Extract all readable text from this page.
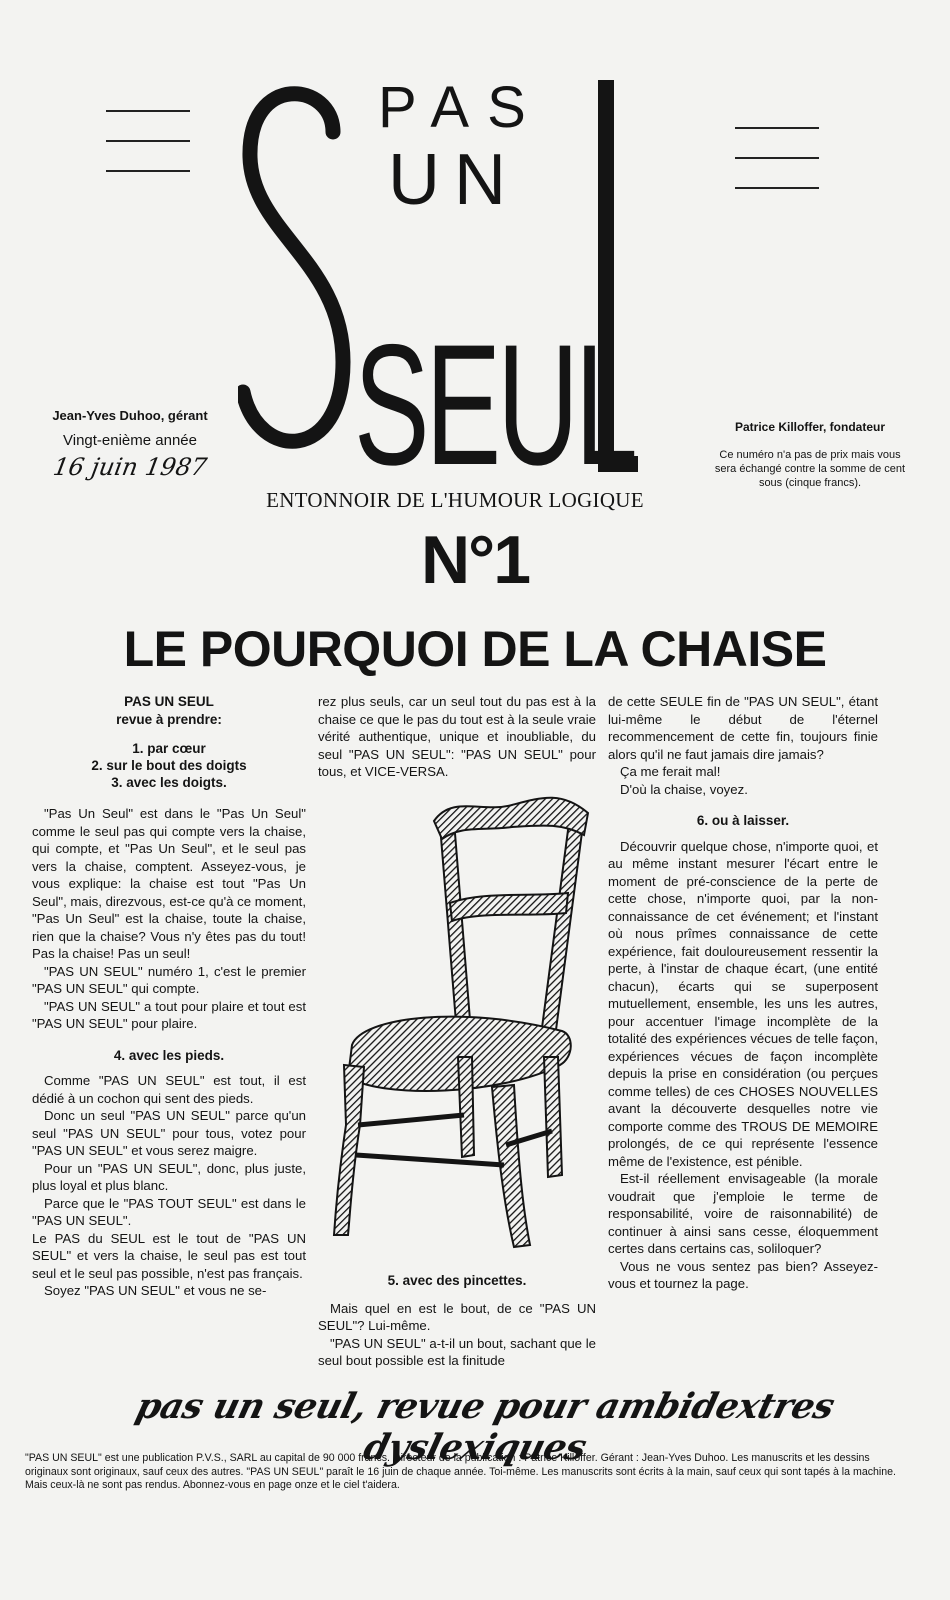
PAS
UN
SEUL
Jean-Yves Duhoo, gérant
Vingt-enième année
16 juin 1987
Patrice Killoffer, fondateur
Ce numéro n'a pas de prix mais vous sera échangé contre la somme de cent sous (cinque francs).
ENTONNOIR DE L'HUMOUR LOGIQUE
N°1
LE POURQUOI DE LA CHAISE
PAS UN SEUL
revue à prendre:
1. par cœur
2. sur le bout des doigts
3. avec les doigts.

"Pas Un Seul" est dans le "Pas Un Seul" comme le seul pas qui compte vers la chaise, qui compte, et "Pas Un Seul", et le seul pas vers la chaise, comptent. Asseyez-vous, je vous explique: la chaise est tout "Pas Un Seul", mais, direzvous, est-ce qu'à ce moment, "Pas Un Seul" est la chaise, toute la chaise, rien que la chaise? Vous n'y êtes pas du tout! Pas la chaise! Pas un seul!

"PAS UN SEUL" numéro 1, c'est le premier "PAS UN SEUL" qui compte.

"PAS UN SEUL" a tout pour plaire et tout est "PAS UN SEUL" pour plaire.

4. avec les pieds.

Comme "PAS UN SEUL" est tout, il est dédié à un cochon qui sent des pieds.

Donc un seul "PAS UN SEUL" parce qu'un seul "PAS UN SEUL" pour tous, votez pour "PAS UN SEUL" et vous serez maigre.

Pour un "PAS UN SEUL", donc, plus juste, plus loyal et plus blanc.

Parce que le "PAS TOUT SEUL" est dans le "PAS UN SEUL".

Le PAS du SEUL est le tout de "PAS UN SEUL" et vers la chaise, le seul pas est tout seul et le seul pas possible, n'est pas français.

Soyez "PAS UN SEUL" et vous ne se-

rez plus seuls, car un seul tout du pas est à la chaise ce que le pas du tout est à la seule vraie vérité authentique, unique et inoubliable, du seul "PAS UN SEUL": "PAS UN SEUL" pour tous, et VICE-VERSA.

5. avec des pincettes.

Mais quel en est le bout, de ce "PAS UN SEUL"? Lui-même.

"PAS UN SEUL" a-t-il un bout, sachant que le seul bout possible est la finitude

de cette SEULE fin de "PAS UN SEUL", étant lui-même le début de l'éternel recommencement de cette fin, toujours finie alors qu'il ne faut jamais dire jamais?

Ça me ferait mal!

D'où la chaise, voyez.

6. ou à laisser.

Découvrir quelque chose, n'importe quoi, et au même instant mesurer l'écart entre le moment de pré-conscience de la perte de cette chose, n'importe quoi, par la non-connaissance de cet événement; et l'instant où nous prîmes connaissance de cette expérience, fait douloureusement ressentir la perte, à l'instar de chaque écart, (une entité chacun), écarts qui se superposent mutuellement, ensemble, les uns les autres, pour accentuer l'image incomplète de la totalité des expériences vécues de telle façon, expériences vécues de façon incomplète depuis la prise en considération (ou perçues comme telles) de ces CHOSES NOUVELLES avant la découverte desquelles notre vie comporte comme des TROUS DE MEMOIRE prolongés, de ce qui représente l'essence même de l'existence, est pénible.

Est-il réellement envisageable (la morale voudrait que j'emploie le terme de responsabilité, voire de raisonnabilité) de continuer à ainsi sans cesse, éloquemment certes dans certains cas, soliloquer?

Vous ne vous sentez pas bien? Asseyez-vous et tournez la page.

pas un seul, revue pour ambidextres dyslexiques
"PAS UN SEUL" est une publication P.V.S., SARL au capital de 90 000 francs. Directeur de la publication : Patrice Killoffer. Gérant : Jean-Yves Duhoo. Les manuscrits et les dessins originaux sont originaux, sauf ceux des autres. "PAS UN SEUL" paraît le 16 juin de chaque année. Toi-même. Les manuscrits sont écrits à la main, sauf ceux qui sont tapés à la machine. Mais ceux-là ne sont pas rendus. Abonnez-vous en page onze et le ciel t'aidera.
